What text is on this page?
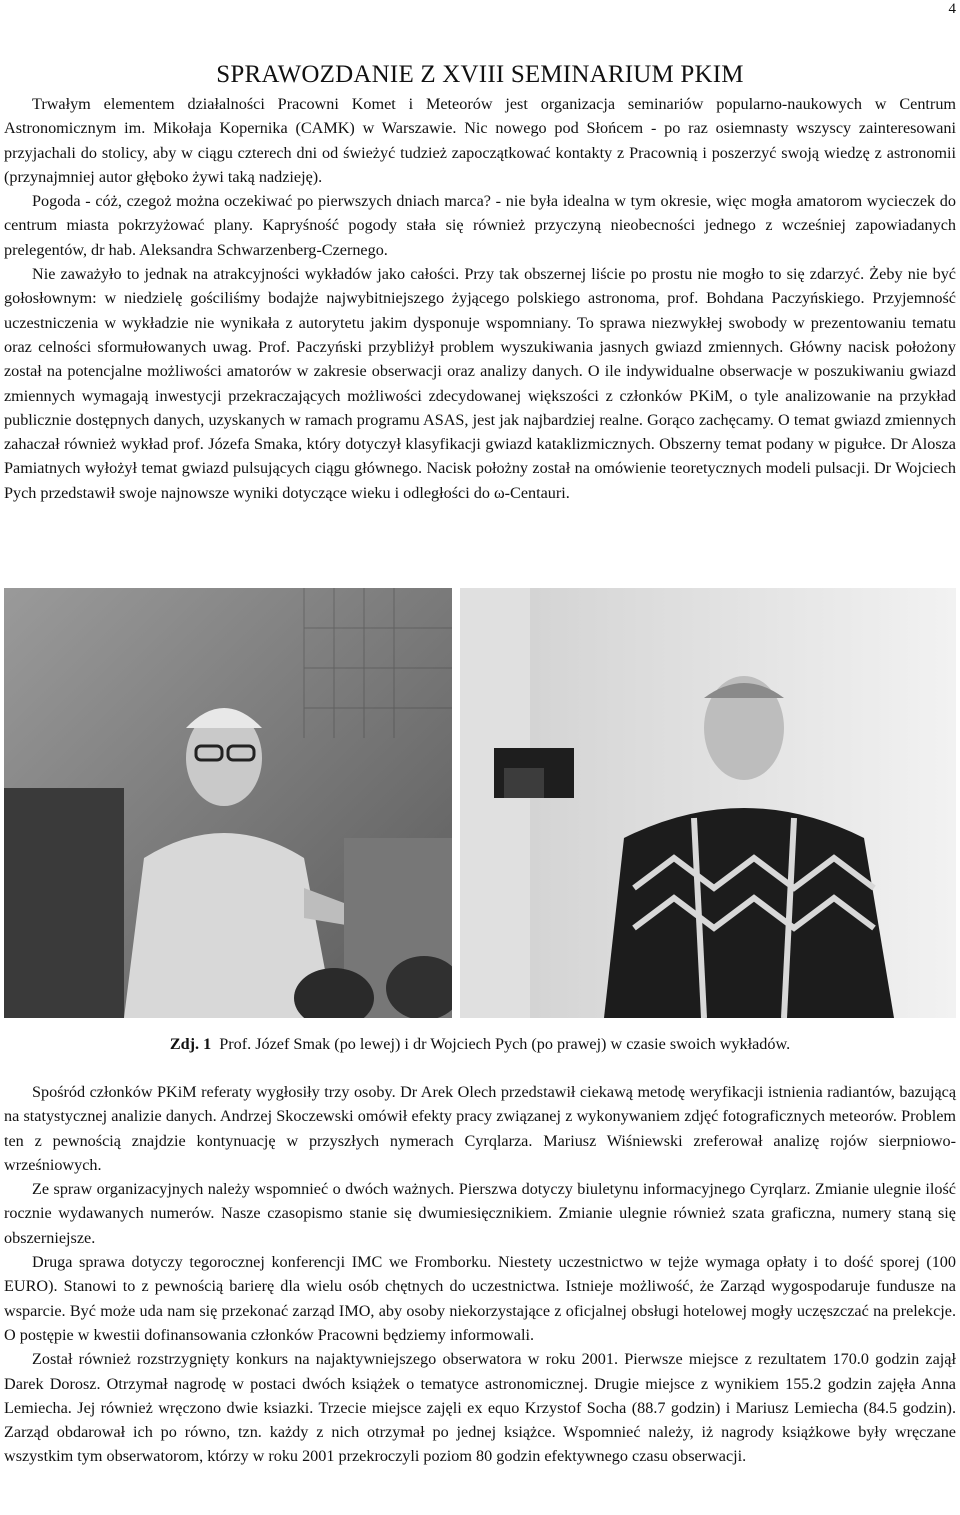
4
SPRAWOZDANIE Z XVIII SEMINARIUM PKIM

Trwałym elementem działalności Pracowni Komet i Meteorów jest organizacja seminariów popularno-naukowych w Centrum Astronomicznym im. Mikołaja Kopernika (CAMK) w Warszawie. Nic nowego pod Słońcem - po raz osiemnasty wszyscy zainteresowani przyjachali do stolicy, aby w ciągu czterech dni od świeżyć tudzież zapoczątkować kontakty z Pracownią i poszerzyć swoją wiedzę z astronomii (przynajmniej autor głęboko żywi taką nadzieję).

Pogoda - cóż, czegoż można oczekiwać po pierwszych dniach marca? - nie była idealna w tym okresie, więc mogła amatorom wycieczek do centrum miasta pokrzyżować plany. Kapryśność pogody stała się również przyczyną nieobecności jednego z wcześniej zapowiadanych prelegentów, dr hab. Aleksandra Schwarzenberg-Czernego.

Nie zaważyło to jednak na atrakcyjności wykładów jako całości. Przy tak obszernej liście po prostu nie mogło to się zdarzyć. Żeby nie być gołosłownym: w niedzielę gościliśmy bodajże najwybitniejszego żyjącego polskiego astronoma, prof. Bohdana Paczyńskiego. Przyjemność uczestniczenia w wykładzie nie wynikała z autorytetu jakim dysponuje wspomniany. To sprawa niezwykłej swobody w prezentowaniu tematu oraz celności sformułowanych uwag. Prof. Paczyński przybliżył problem wyszukiwania jasnych gwiazd zmiennych. Główny nacisk położony został na potencjalne możliwości amatorów w zakresie obserwacji oraz analizy danych. O ile indywidualne obserwacje w poszukiwaniu gwiazd zmiennych wymagają inwestycji przekraczających możliwości zdecydowanej większości z członków PKiM, o tyle analizowanie na przykład publicznie dostępnych danych, uzyskanych w ramach programu ASAS, jest jak najbardziej realne. Gorąco zachęcamy. O temat gwiazd zmiennych zahaczał również wykład prof. Józefa Smaka, który dotyczył klasyfikacji gwiazd kataklizmicznych. Obszerny temat podany w pigułce. Dr Alosza Pamiatnych wyłożył temat gwiazd pulsujących ciągu głównego. Nacisk położny został na omówienie teoretycznych modeli pulsacji. Dr Wojciech Pych przedstawił swoje najnowsze wyniki dotyczące wieku i odległości do ω-Centauri.

Zdj. 1 Prof. Józef Smak (po lewej) i dr Wojciech Pych (po prawej) w czasie swoich wykładów.

Spośród członków PKiM referaty wygłosiły trzy osoby. Dr Arek Olech przedstawił ciekawą metodę weryfikacji istnienia radiantów, bazującą na statystycznej analizie danych. Andrzej Skoczewski omówił efekty pracy związanej z wykonywaniem zdjęć fotograficznych meteorów. Problem ten z pewnością znajdzie kontynuację w przyszłych nymerach Cyrqlarza. Mariusz Wiśniewski zreferował analizę rojów sierpniowo-wrześniowych.

Ze spraw organizacyjnych należy wspomnieć o dwóch ważnych. Pierszwa dotyczy biuletynu informacyjnego Cyrqlarz. Zmianie ulegnie ilość rocznie wydawanych numerów. Nasze czasopismo stanie się dwumiesięcznikiem. Zmianie ulegnie również szata graficzna, numery staną się obszerniejsze.

Druga sprawa dotyczy tegorocznej konferencji IMC we Fromborku. Niestety uczestnictwo w tejże wymaga opłaty i to dość sporej (100 EURO). Stanowi to z pewnością barierę dla wielu osób chętnych do uczestnictwa. Istnieje możliwość, że Zarząd wygospodaruje fundusze na wsparcie. Być może uda nam się przekonać zarząd IMO, aby osoby niekorzystające z oficjalnej obsługi hotelowej mogły uczęszczać na prelekcje. O postępie w kwestii dofinansowania członków Pracowni będziemy informowali.

Został również rozstrzygnięty konkurs na najaktywniejszego obserwatora w roku 2001. Pierwsze miejsce z rezultatem 170.0 godzin zajął Darek Dorosz. Otrzymał nagrodę w postaci dwóch książek o tematyce astronomicznej. Drugie miejsce z wynikiem 155.2 godzin zajęła Anna Lemiecha. Jej również wręczono dwie ksiazki. Trzecie miejsce zajęli ex equo Krzystof Socha (88.7 godzin) i Mariusz Lemiecha (84.5 godzin). Zarząd obdarował ich po równo, tzn. każdy z nich otrzymał po jednej książce. Wspomnieć należy, iż nagrody książkowe były wręczane wszystkim tym obserwatorom, którzy w roku 2001 przekroczyli poziom 80 godzin efektywnego czasu obserwacji.
